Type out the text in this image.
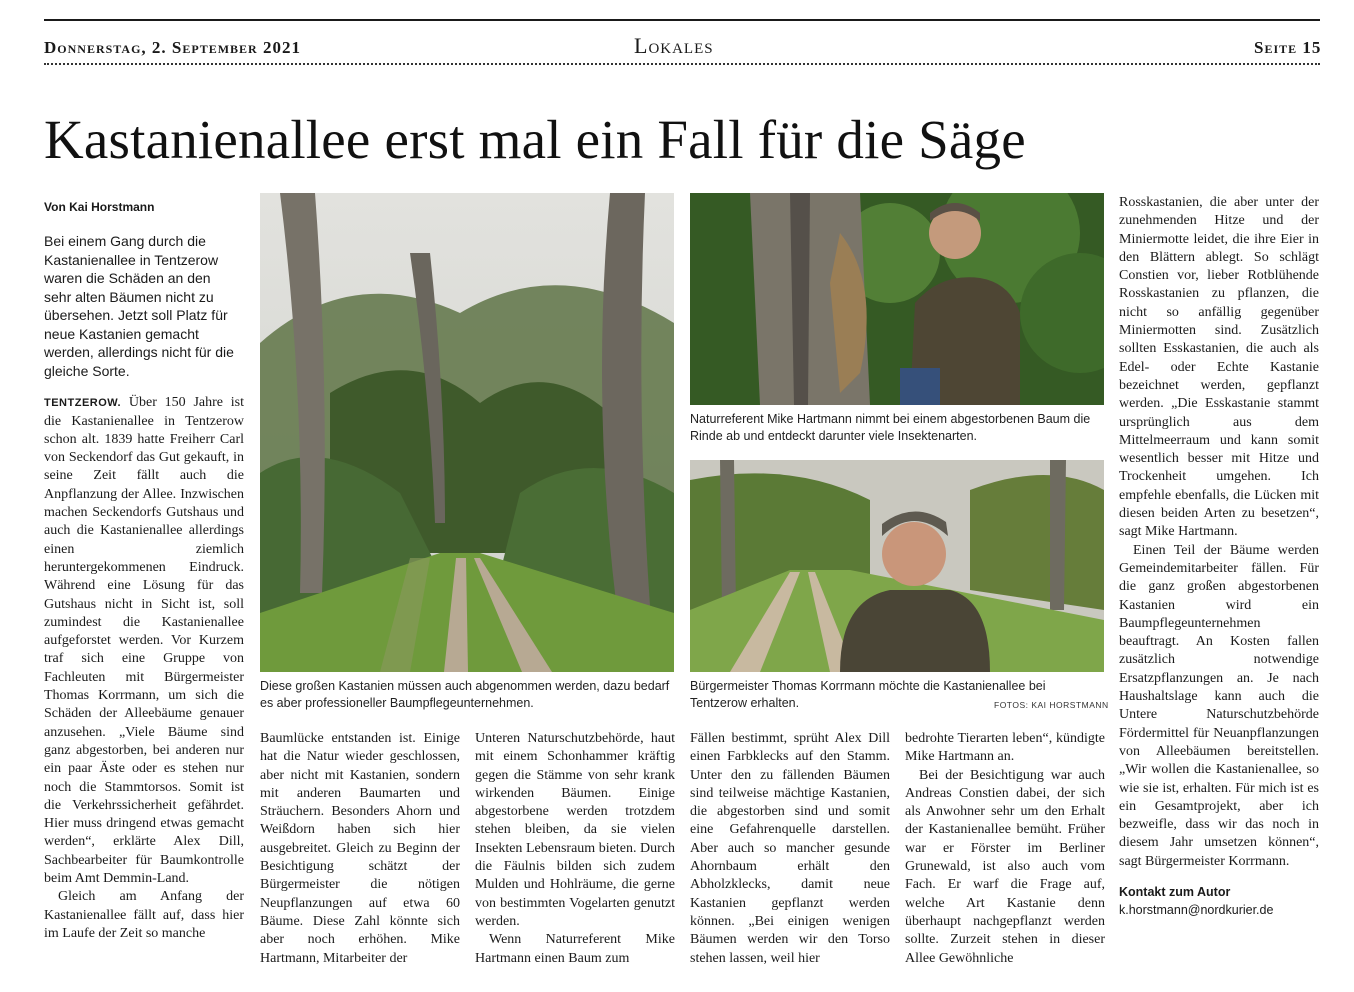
Donnerstag, 2. September 2021	Lokales	Seite 15
Kastanienallee erst mal ein Fall für die Säge

Von Kai Horstmann

Bei einem Gang durch die Kastanienallee in Tentzerow waren die Schäden an den sehr alten Bäumen nicht zu übersehen. Jetzt soll Platz für neue Kastanien gemacht werden, allerdings nicht für die gleiche Sorte.

TENTZEROW. Über 150 Jahre ist die Kastanienallee in Tentzerow schon alt. 1839 hatte Freiherr Carl von Seckendorf das Gut gekauft, in seine Zeit fällt auch die Anpflanzung der Allee. Inzwischen machen Seckendorfs Gutshaus und auch die Kastanienallee allerdings einen ziemlich heruntergekommenen Eindruck. Während eine Lösung für das Gutshaus nicht in Sicht ist, soll zumindest die Kastanienallee aufgeforstet werden. Vor Kurzem traf sich eine Gruppe von Fachleuten mit Bürgermeister Thomas Korrmann, um sich die Schäden der Alleebäume genauer anzusehen. „Viele Bäume sind ganz abgestorben, bei anderen nur ein paar Äste oder es stehen nur noch die Stammtorsos. Somit ist die Verkehrssicherheit gefährdet. Hier muss dringend etwas gemacht werden“, erklärte Alex Dill, Sachbearbeiter für Baumkontrolle beim Amt Demmin-Land.

Gleich am Anfang der Kastanienallee fällt auf, dass hier im Laufe der Zeit so manche

Diese großen Kastanien müssen auch abgenommen werden, dazu bedarf es aber professioneller Baumpflegeunternehmen.
Naturreferent Mike Hartmann nimmt bei einem abgestorbenen Baum die Rinde ab und entdeckt darunter viele Insektenarten.
Bürgermeister Thomas Korrmann möchte die Kastanienallee bei Tentzerow erhalten.	FOTOS: KAI HORSTMANN

Baumlücke entstanden ist. Einige hat die Natur wieder geschlossen, aber nicht mit Kastanien, sondern mit anderen Baumarten und Sträuchern. Besonders Ahorn und Weißdorn haben sich hier ausgebreitet. Gleich zu Beginn der Besichtigung schätzt der Bürgermeister die nötigen Neupflanzungen auf etwa 60 Bäume. Diese Zahl könnte sich aber noch erhöhen. Mike Hartmann, Mitarbeiter der

Unteren Naturschutzbehörde, haut mit einem Schonhammer kräftig gegen die Stämme von sehr krank wirkenden Bäumen. Einige abgestorbene werden trotzdem stehen bleiben, da sie vielen Insekten Lebensraum bieten. Durch die Fäulnis bilden sich zudem Mulden und Hohlräume, die gerne von bestimmten Vogelarten genutzt werden.

Wenn Naturreferent Mike Hartmann einen Baum zum

Fällen bestimmt, sprüht Alex Dill einen Farbklecks auf den Stamm. Unter den zu fällenden Bäumen sind teilweise mächtige Kastanien, die abgestorben sind und somit eine Gefahrenquelle darstellen. Aber auch so mancher gesunde Ahornbaum erhält den Abholzklecks, damit neue Kastanien gepflanzt werden können. „Bei einigen wenigen Bäumen werden wir den Torso stehen lassen, weil hier

bedrohte Tierarten leben“, kündigte Mike Hartmann an.

Bei der Besichtigung war auch Andreas Constien dabei, der sich als Anwohner sehr um den Erhalt der Kastanienallee bemüht. Früher war er Förster im Berliner Grunewald, ist also auch vom Fach. Er warf die Frage auf, welche Art Kastanie denn überhaupt nachgepflanzt werden sollte. Zurzeit stehen in dieser Allee Gewöhnliche

Rosskastanien, die aber unter der zunehmenden Hitze und der Miniermotte leidet, die ihre Eier in den Blättern ablegt. So schlägt Constien vor, lieber Rotblühende Rosskastanien zu pflanzen, die nicht so anfällig gegenüber Miniermotten sind. Zusätzlich sollten Esskastanien, die auch als Edel- oder Echte Kastanie bezeichnet werden, gepflanzt werden. „Die Esskastanie stammt ursprünglich aus dem Mittelmeerraum und kann somit wesentlich besser mit Hitze und Trockenheit umgehen. Ich empfehle ebenfalls, die Lücken mit diesen beiden Arten zu besetzen“, sagt Mike Hartmann.

Einen Teil der Bäume werden Gemeindemitarbeiter fällen. Für die ganz großen abgestorbenen Kastanien wird ein Baumpflegeunternehmen beauftragt. An Kosten fallen zusätzlich notwendige Ersatzpflanzungen an. Je nach Haushaltslage kann auch die Untere Naturschutzbehörde Fördermittel für Neuanpflanzungen von Alleebäumen bereitstellen. „Wir wollen die Kastanienallee, so wie sie ist, erhalten. Für mich ist es ein Gesamtprojekt, aber ich bezweifle, dass wir das noch in diesem Jahr umsetzen können“, sagt Bürgermeister Korrmann.

Kontakt zum Autor

k.horstmann@nordkurier.de
